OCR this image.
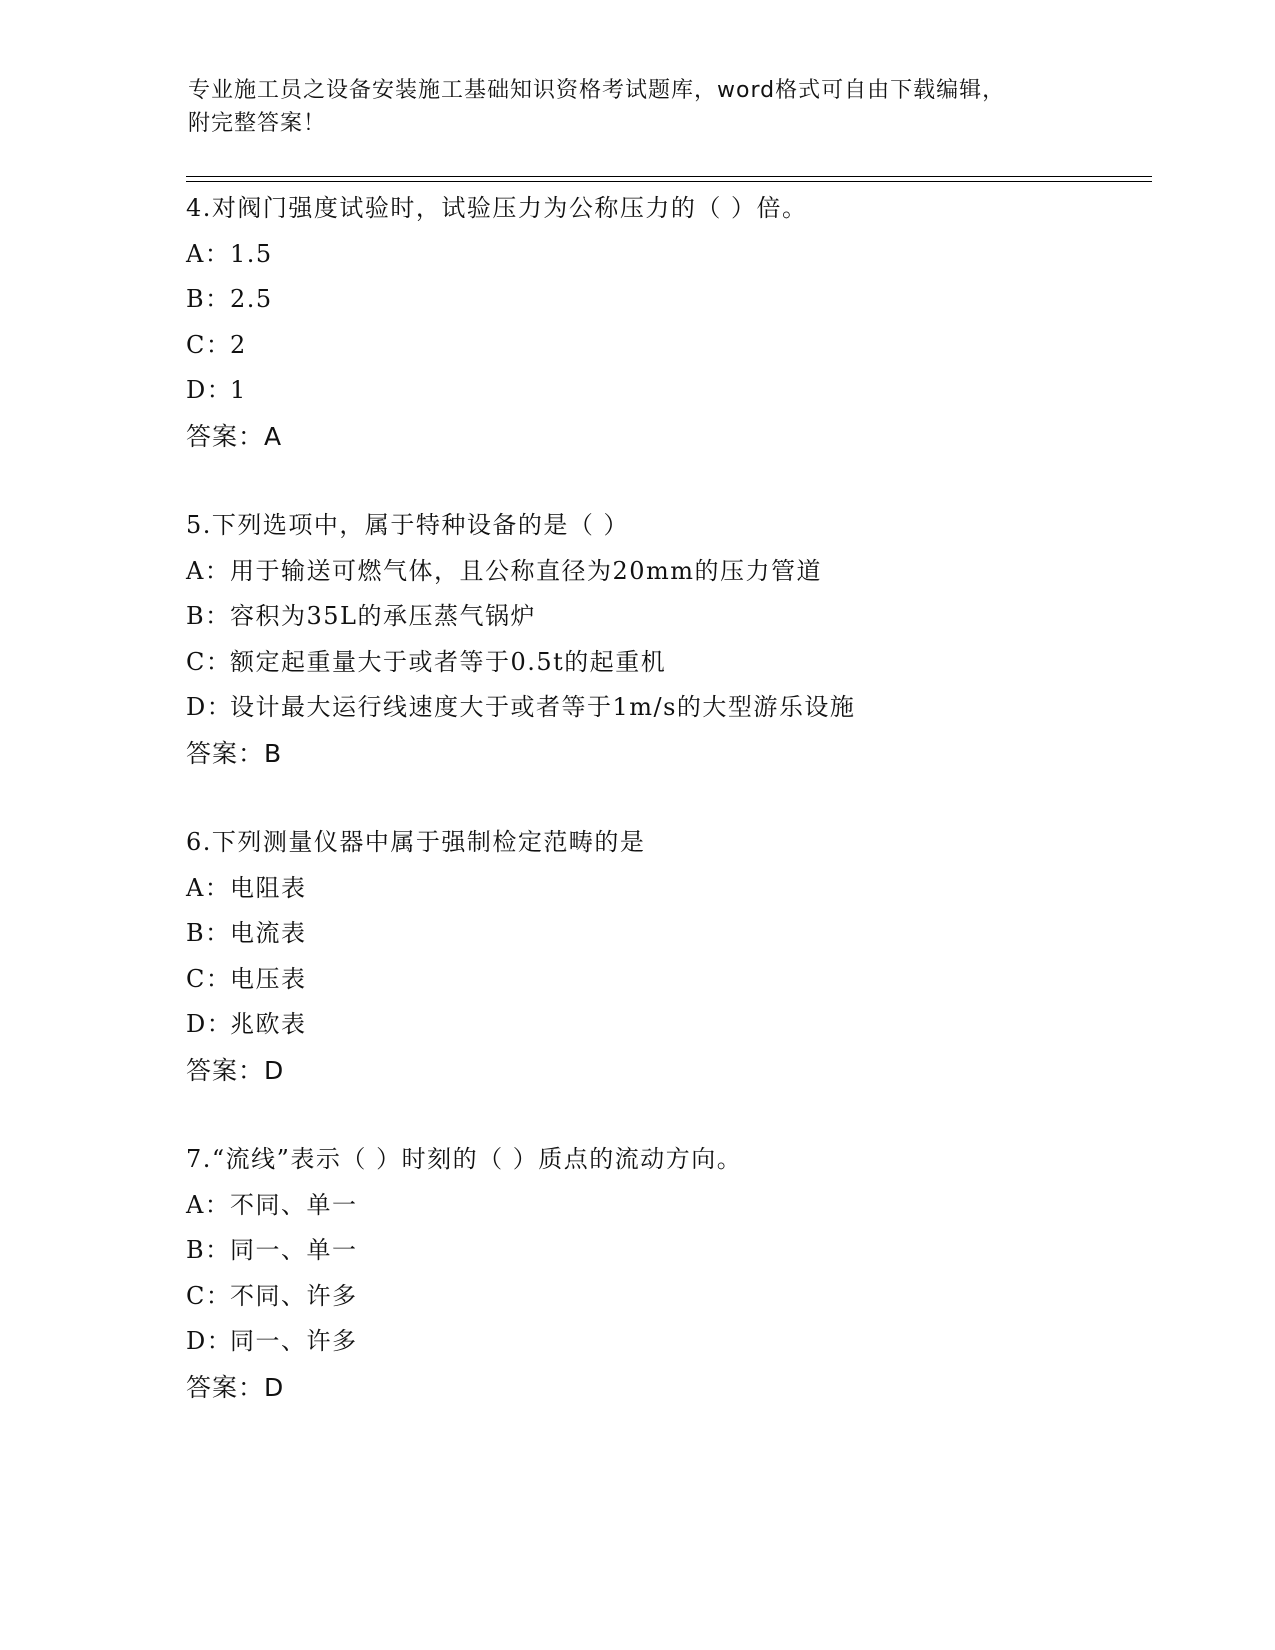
专业施工员之设备安装施工基础知识资格考试题库，word格式可自由下载编辑，
附完整答案！
4.对阀门强度试验时，试验压力为公称压力的（ ）倍。
A：1.5
B：2.5
C：2
D：1
答案：A
5.下列选项中，属于特种设备的是（ ）
A：用于输送可燃气体，且公称直径为20mm的压力管道
B：容积为35L的承压蒸气锅炉
C：额定起重量大于或者等于0.5t的起重机
D：设计最大运行线速度大于或者等于1m/s的大型游乐设施
答案：B
6.下列测量仪器中属于强制检定范畴的是
A：电阻表
B：电流表
C：电压表
D：兆欧表
答案：D
7.“流线”表示（ ）时刻的（ ）质点的流动方向。
A：不同、单一
B：同一、单一
C：不同、许多
D：同一、许多
答案：D
